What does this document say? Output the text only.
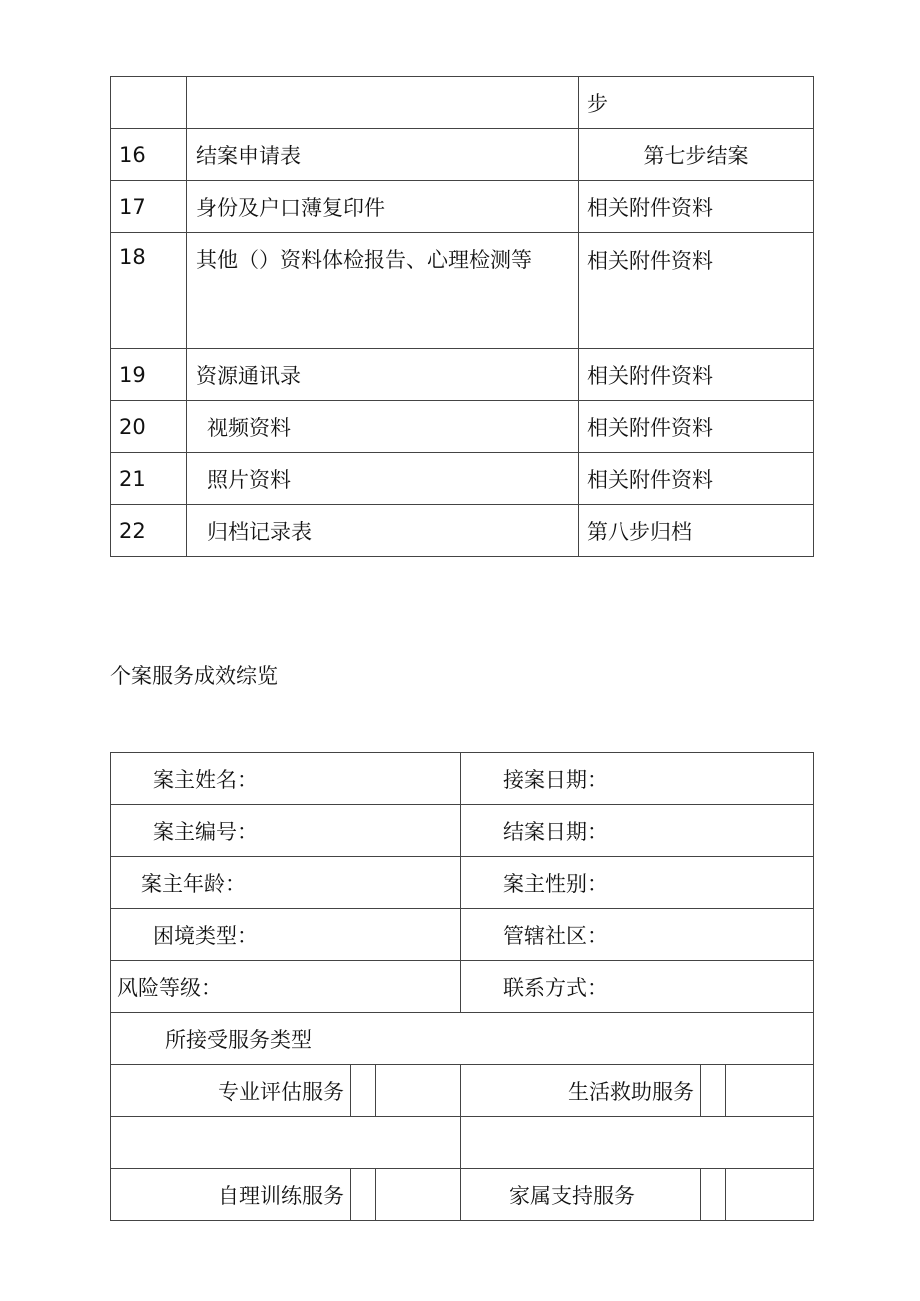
		步
16	结案申请表	第七步结案
17	身份及户口薄复印件	相关附件资料
18	其他（）资料体检报告、心理检测等	相关附件资料
19	资源通讯录	相关附件资料
20	视频资料	相关附件资料
21	照片资料	相关附件资料
22	归档记录表	第八步归档
个案服务成效综览
案主姓名：			接案日期：		
案主编号：			结案日期：		
案主年龄：			案主性别：		
困境类型：			管辖社区：		
风险等级：			联系方式：		
所接受服务类型					
专业评估服务			生活救助服务		

自理训练服务			家属支持服务		
